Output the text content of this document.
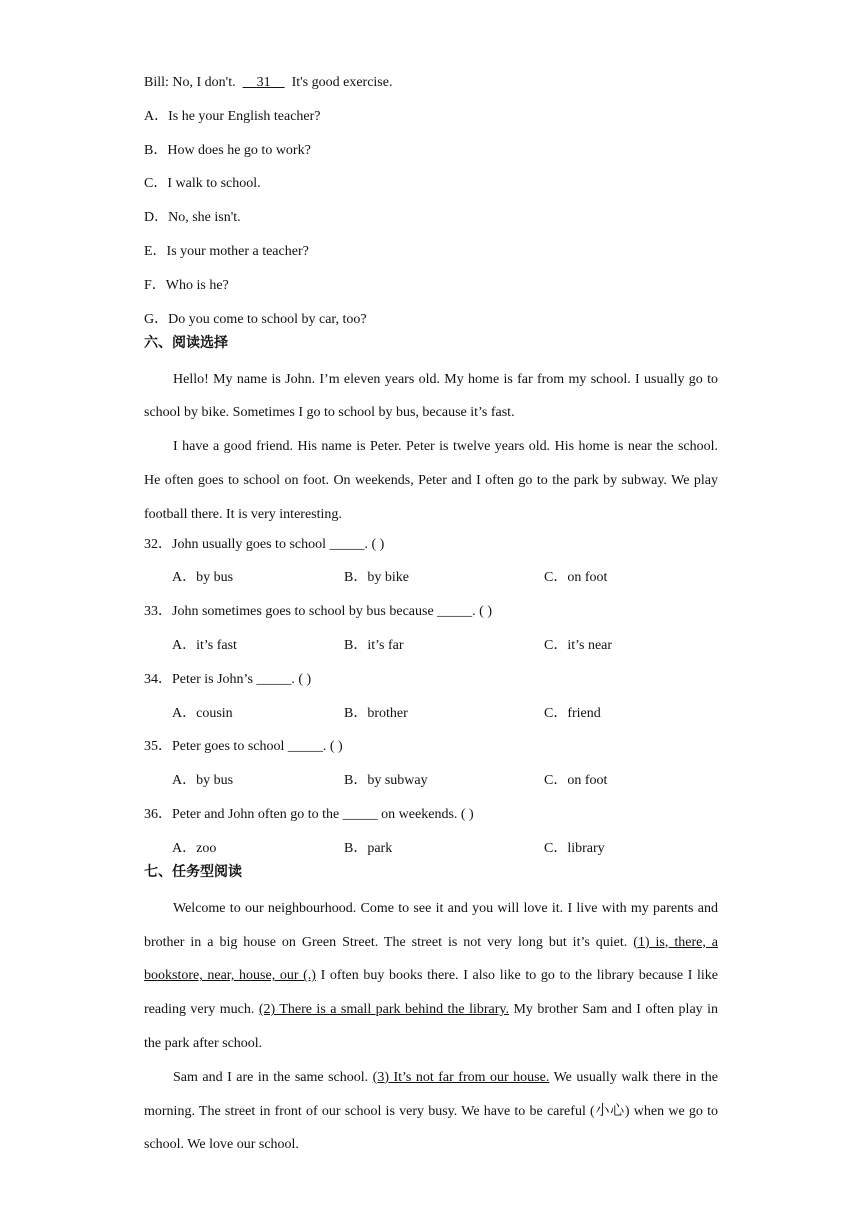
Bill: No, I don't. 31 It's good exercise.
A．Is he your English teacher?
B．How does he go to work?
C．I walk to school.
D．No, she isn't.
E．Is your mother a teacher?
F．Who is he?
G．Do you come to school by car, too?
六、阅读选择
Hello! My name is John. I’m eleven years old. My home is far from my school. I usually go to school by bike. Sometimes I go to school by bus, because it’s fast.
I have a good friend. His name is Peter. Peter is twelve years old. His home is near the school. He often goes to school on foot. On weekends, Peter and I often go to the park by subway. We play football there. It is very interesting.
32．John usually goes to school _____. ( )
A．by bus	B．by bike	C．on foot
33．John sometimes goes to school by bus because _____. ( )
A．it’s fast	B．it’s far	C．it’s near
34．Peter is John’s _____. ( )
A．cousin	B．brother	C．friend
35．Peter goes to school _____. ( )
A．by bus	B．by subway	C．on foot
36．Peter and John often go to the _____ on weekends. ( )
A．zoo	B．park	C．library
七、任务型阅读
Welcome to our neighbourhood. Come to see it and you will love it. I live with my parents and brother in a big house on Green Street. The street is not very long but it’s quiet. (1) is, there, a bookstore, near, house, our (.) I often buy books there. I also like to go to the library because I like reading very much. (2) There is a small park behind the library. My brother Sam and I often play in the park after school.
Sam and I are in the same school. (3) It’s not far from our house. We usually walk there in the morning. The street in front of our school is very busy. We have to be careful (小心) when we go to school. We love our school.
